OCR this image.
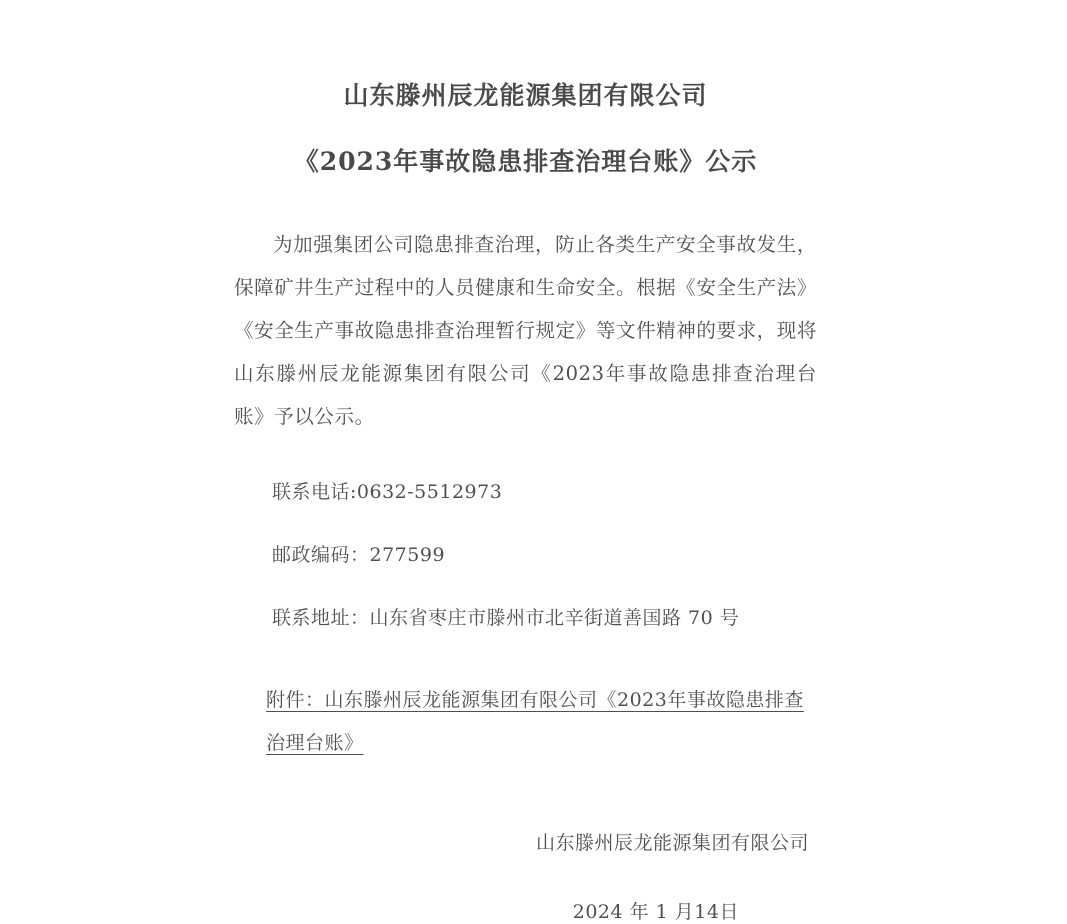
山东滕州辰龙能源集团有限公司
《2023年事故隐患排查治理台账》公示
为加强集团公司隐患排查治理，防止各类生产安全事故发生，保障矿井生产过程中的人员健康和生命安全。根据《安全生产法》《安全生产事故隐患排查治理暂行规定》等文件精神的要求，现将山东滕州辰龙能源集团有限公司《2023年事故隐患排查治理台账》予以公示。
联系电话:0632-5512973
邮政编码：277599
联系地址：山东省枣庄市滕州市北辛街道善国路 70 号
附件：山东滕州辰龙能源集团有限公司《2023年事故隐患排查治理台账》
山东滕州辰龙能源集团有限公司
2024 年 1 月14日
